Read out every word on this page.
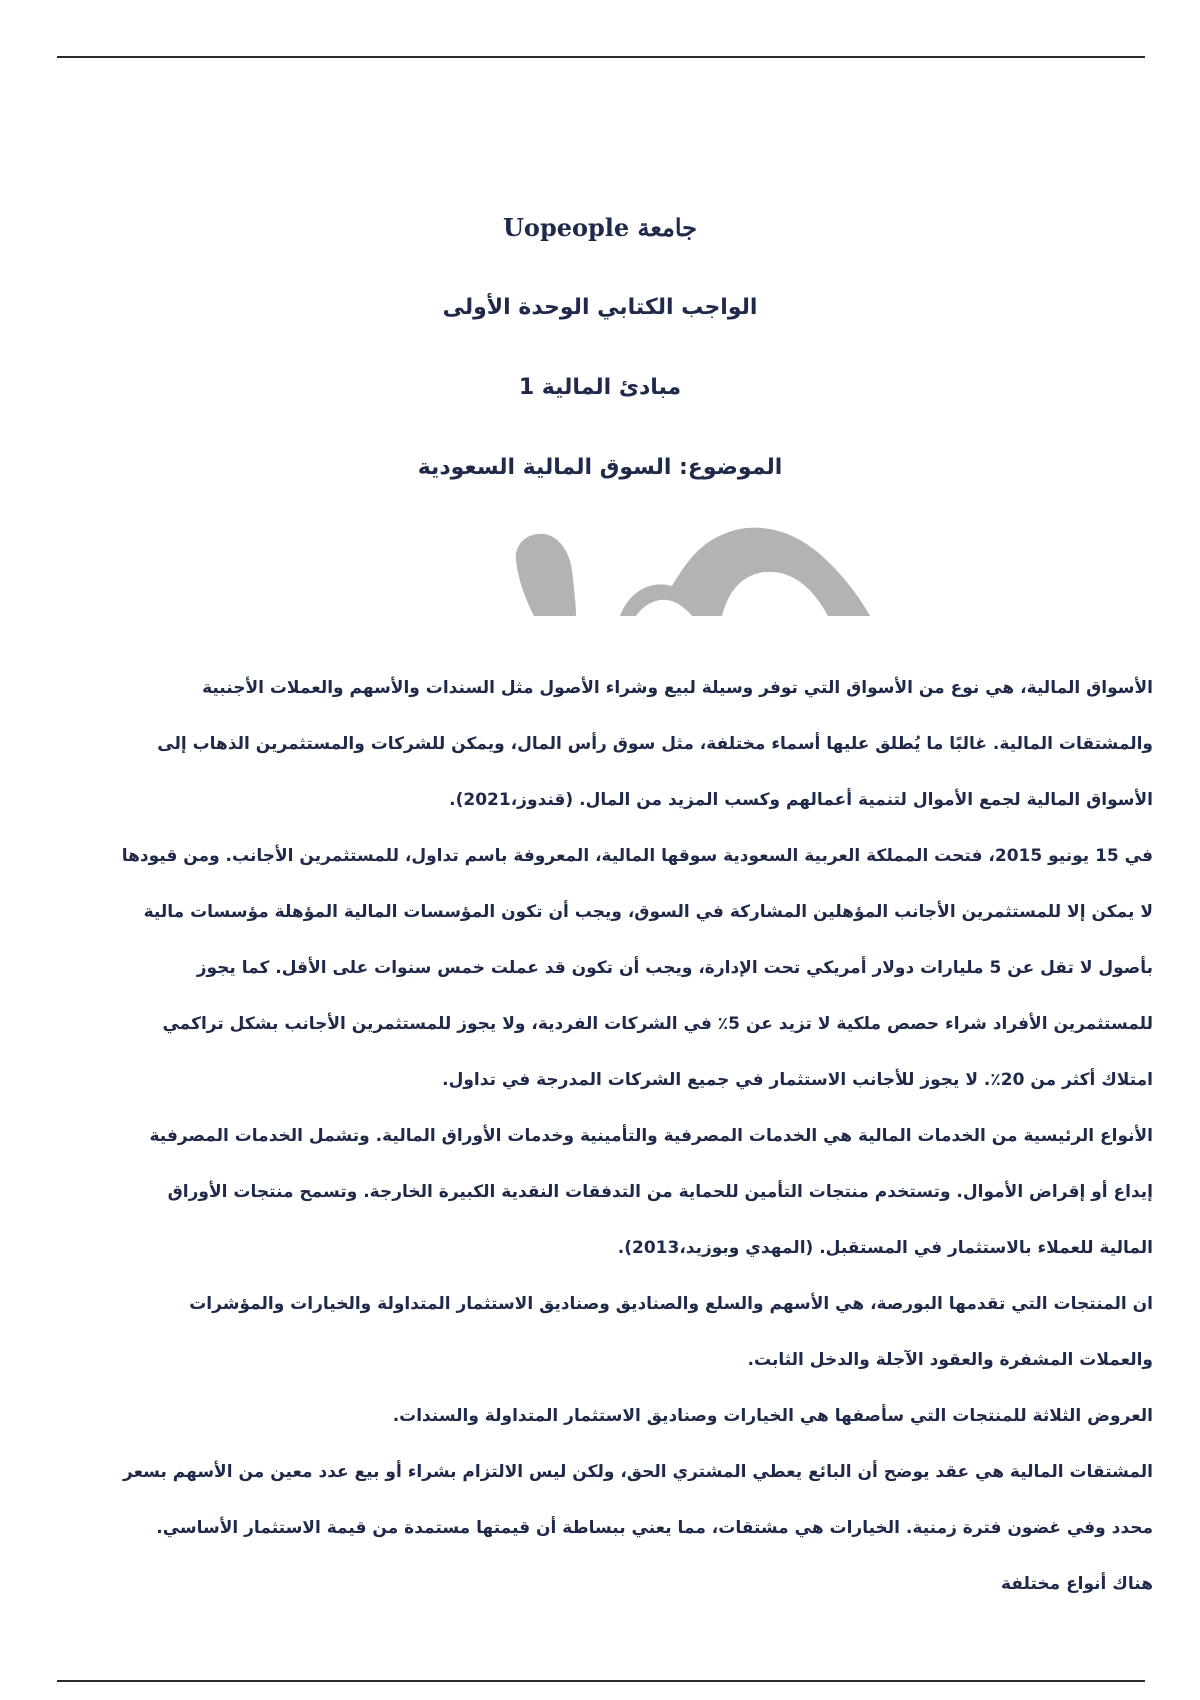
جامعة Uopeople
الواجب الكتابي الوحدة الأولى
مبادئ المالية 1
الموضوع: السوق المالية السعودية

الأسواق المالية، هي نوع من الأسواق التي توفر وسيلة لبيع وشراء الأصول مثل السندات والأسهم والعملات الأجنبية والمشتقات المالية. غالبًا ما يُطلق عليها أسماء مختلفة، مثل سوق رأس المال، ويمكن للشركات والمستثمرين الذهاب إلى الأسواق المالية لجمع الأموال لتنمية أعمالهم وكسب المزيد من المال. (قندوز،2021).

في 15 يونيو 2015، فتحت المملكة العربية السعودية سوقها المالية، المعروفة باسم تداول، للمستثمرين الأجانب. ومن قيودها لا يمكن إلا للمستثمرين الأجانب المؤهلين المشاركة في السوق، ويجب أن تكون المؤسسات المالية المؤهلة مؤسسات مالية بأصول لا تقل عن 5 مليارات دولار أمريكي تحت الإدارة، ويجب أن تكون قد عملت خمس سنوات على الأقل. كما يجوز للمستثمرين الأفراد شراء حصص ملكية لا تزيد عن 5٪ في الشركات الفردية، ولا يجوز للمستثمرين الأجانب بشكل تراكمي امتلاك أكثر من 20٪. لا يجوز للأجانب الاستثمار في جميع الشركات المدرجة في تداول.

الأنواع الرئيسية من الخدمات المالية هي الخدمات المصرفية والتأمينية وخدمات الأوراق المالية. وتشمل الخدمات المصرفية إيداع أو إقراض الأموال. وتستخدم منتجات التأمين للحماية من التدفقات النقدية الكبيرة الخارجة. وتسمح منتجات الأوراق المالية للعملاء بالاستثمار في المستقبل. (المهدي وبوزيد،2013).

ان المنتجات التي تقدمها البورصة، هي الأسهم والسلع والصناديق وصناديق الاستثمار المتداولة والخيارات والمؤشرات والعملات المشفرة والعقود الآجلة والدخل الثابت.

العروض الثلاثة للمنتجات التي سأصفها هي الخيارات وصناديق الاستثمار المتداولة والسندات.

المشتقات المالية هي عقد يوضح أن البائع يعطي المشتري الحق، ولكن ليس الالتزام بشراء أو بيع عدد معين من الأسهم بسعر محدد وفي غضون فترة زمنية. الخيارات هي مشتقات، مما يعني ببساطة أن قيمتها مستمدة من قيمة الاستثمار الأساسي. هناك أنواع مختلفة
